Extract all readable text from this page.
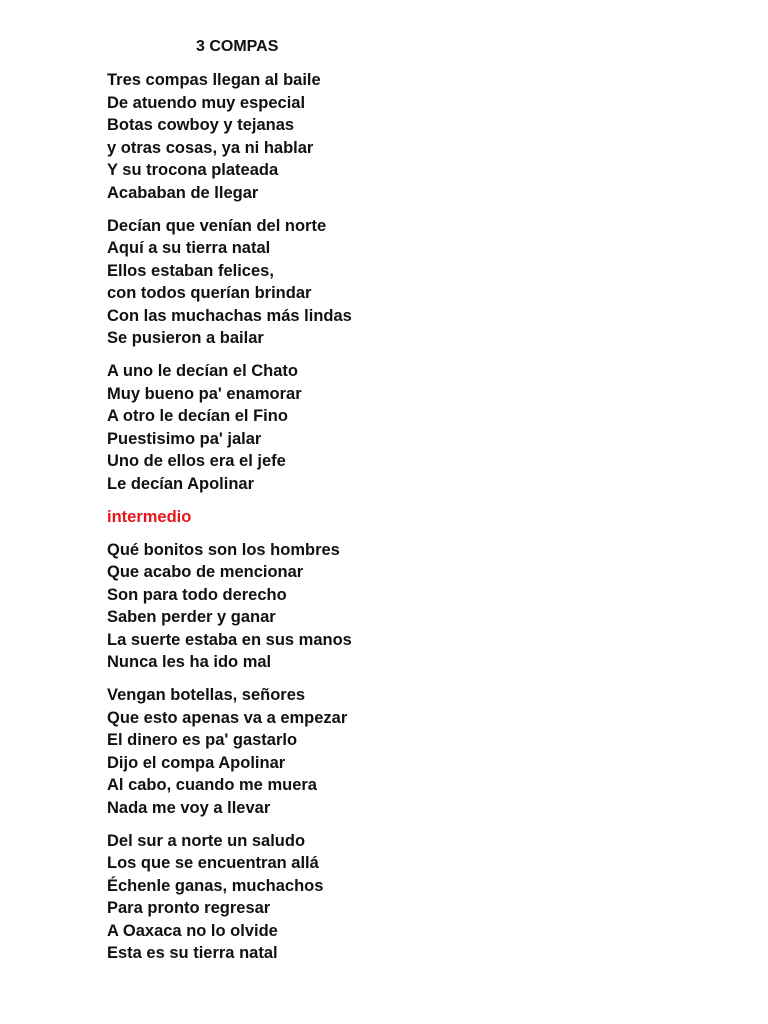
3 COMPAS
Tres compas llegan al baile
De atuendo muy especial
Botas cowboy y tejanas
y otras cosas, ya ni hablar
Y su trocona plateada
Acababan de llegar
Decían que venían del norte
Aquí a su tierra natal
Ellos estaban felices,
con todos querían brindar
Con las muchachas más lindas
Se pusieron a bailar
A uno le decían el Chato
Muy bueno pa' enamorar
A otro le decían el Fino
Puestisimo pa' jalar
Uno de ellos era el jefe
Le decían Apolinar
intermedio
Qué bonitos son los hombres
Que acabo de mencionar
Son para todo derecho
Saben perder y ganar
La suerte estaba en sus manos
Nunca les ha ido mal
Vengan botellas, señores
Que esto apenas va a empezar
El dinero es pa' gastarlo
Dijo el compa Apolinar
Al cabo, cuando me muera
Nada me voy a llevar
Del sur a norte un saludo
Los que se encuentran allá
Échenle ganas, muchachos
Para pronto regresar
A Oaxaca no lo olvide
Esta es su tierra natal
